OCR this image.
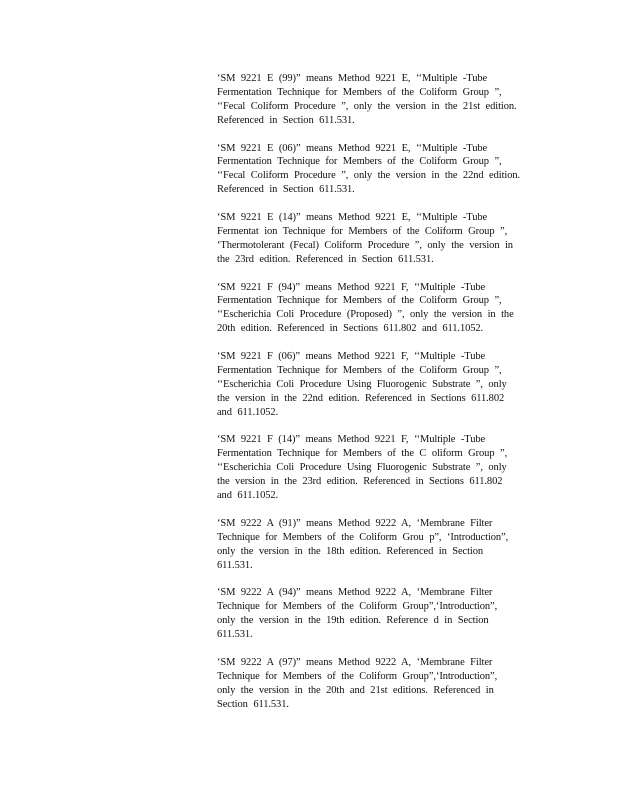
‘SM 9221 E (99)” means Method 9221 E, ‘‘Multiple -Tube
Fermentation Technique for Members of the Coliform Group ”,
‘‘Fecal Coliform Procedure ”, only the version in the 21st edition.
Referenced in Section 611.531.

‘SM 9221 E (06)” means Method 9221 E, ‘‘Multiple -Tube
Fermentation Technique for Members of the Coliform Group ”,
‘‘Fecal Coliform Procedure ”, only the version in the 22nd edition.
Referenced in Section 611.531.

‘SM 9221 E (14)” means Method 9221 E, ‘‘Multiple -Tube
Fermentat ion Technique for Members of the Coliform Group ”,
‘Thermotolerant (Fecal) Coliform Procedure ”, only the version in
the 23rd edition. Referenced in Section 611.531.

‘SM 9221 F (94)” means Method 9221 F, ‘‘Multiple -Tube
Fermentation Technique for Members of the Coliform Group ”,
‘‘Escherichia Coli Procedure (Proposed) ”, only the version in the
20th edition. Referenced in Sections 611.802 and 611.1052.

‘SM 9221 F (06)” means Method 9221 F, ‘‘Multiple -Tube
Fermentation Technique for Members of the Coliform Group ”,
‘‘Escherichia Coli Procedure Using Fluorogenic Substrate ”, only
the version in the 22nd edition. Referenced in Sections 611.802
and 611.1052.

‘SM 9221 F (14)” means Method 9221 F, ‘‘Multiple -Tube
Fermentation Technique for Members of the C oliform Group ”,
‘‘Escherichia Coli Procedure Using Fluorogenic Substrate ”, only
the version in the 23rd edition. Referenced in Sections 611.802
and 611.1052.

‘SM 9222 A (91)” means Method 9222 A, ‘Membrane Filter
Technique for Members of the Coliform Grou p”, ‘Introduction”,
only the version in the 18th edition. Referenced in Section
611.531.

‘SM 9222 A (94)” means Method 9222 A, ‘Membrane Filter
Technique for Members of the Coliform Group”,‘Introduction”,
only the version in the 19th edition. Reference d in Section
611.531.

‘SM 9222 A (97)” means Method 9222 A, ‘Membrane Filter
Technique for Members of the Coliform Group”,‘Introduction”,
only the version in the 20th and 21st editions. Referenced in
Section 611.531.
